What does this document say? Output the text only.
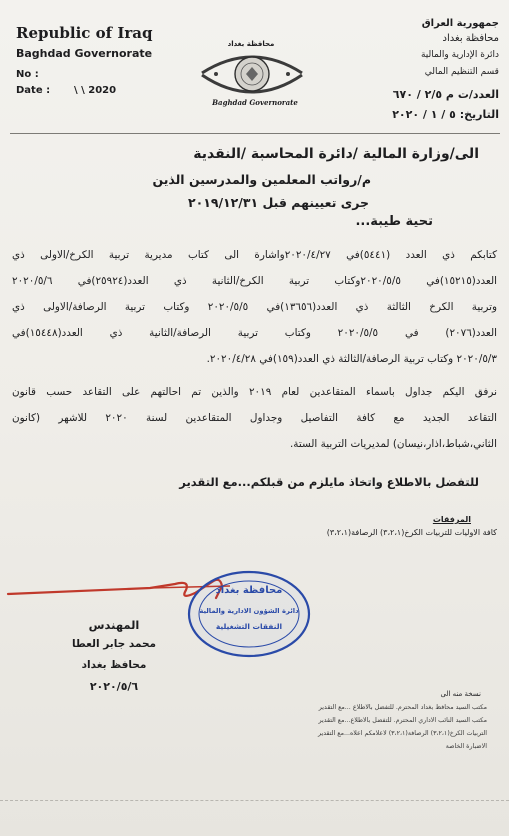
Republic of Iraq
Baghdad Governorate
No :
Date : \ \ 2020
جمهورية العراق
محافظة بغداد
دائرة الإدارية والمالية
قسم التنظيم المالي
العدد/ت م ٢/٥ / ٦٧٠
التاريخ: ٥ / ١ / ٢٠٢٠
محافظة بغداد
Baghdad Governorate
الى/وزارة المالية /دائرة المحاسبة /النقدية
م/رواتب المعلمين والمدرسين الذين
جرى تعيينهم قبل ٢٠١٩/١٢/٣١
تحية طيبة...
كتابكم ذي العدد (٥٤٤١)في ٢٠٢٠/٤/٢٧واشارة الى كتاب مديرية تربية الكرخ/الاولى ذي
العدد(١٥٢١٥)في ٢٠٢٠/٥/٥وكتاب تربية الكرخ/الثانية ذي العدد(٢٥٩٢٤)في ٢٠٢٠/٥/٦
وتربية الكرخ الثالثة ذي العدد(١٣٦٥٦)في ٢٠٢٠/٥/٥ وكتاب تربية الرصافة/الاولى ذي
العدد(٢٠٧٦) في ٢٠٢٠/٥/٥ وكتاب تربية الرصافة/الثانية ذي العدد(١٥٤٤٨)في
٢٠٢٠/٥/٣ وكتاب تربية الرصافة/الثالثة ذي العدد(١٥٩)في ٢٠٢٠/٤/٢٨.
نرفق اليكم جداول باسماء المتقاعدين لعام ٢٠١٩ والذين تم احالتهم على التقاعد حسب قانون
التقاعد الجديد مع كافة التفاصيل وجداول المتقاعدين لسنة ٢٠٢٠ للاشهر (كانون
الثاني،شباط،اذار،نيسان) لمديريات التربية الستة.
للتفضل بالاطلاع واتخاذ مايلزم من قبلكم...مع التقدير
المرفقات
كافة الاوليات للتربيات الكرخ(٣،٢،١) الرصافة(٣،٢،١)
محافظة بغداد
دائرة الشؤون الادارية والمالية
النفقات التشغيلية
المهندس
محمد جابر العطا
محافظ بغداد
٢٠٢٠/٥/٦
نسخة منه الى
مكتب السيد محافظ بغداد المحترم. للتفضل بالاطلاع ...مع التقدير
مكتب السيد النائب الاداري المحترم. للتفضل بالاطلاع...مع التقدير
التربيات الكرخ(٣،٢،١) الرصافة(٣،٢،١) لاعلامكم اعلاه...مع التقدير
الاضبارة الخاصة
